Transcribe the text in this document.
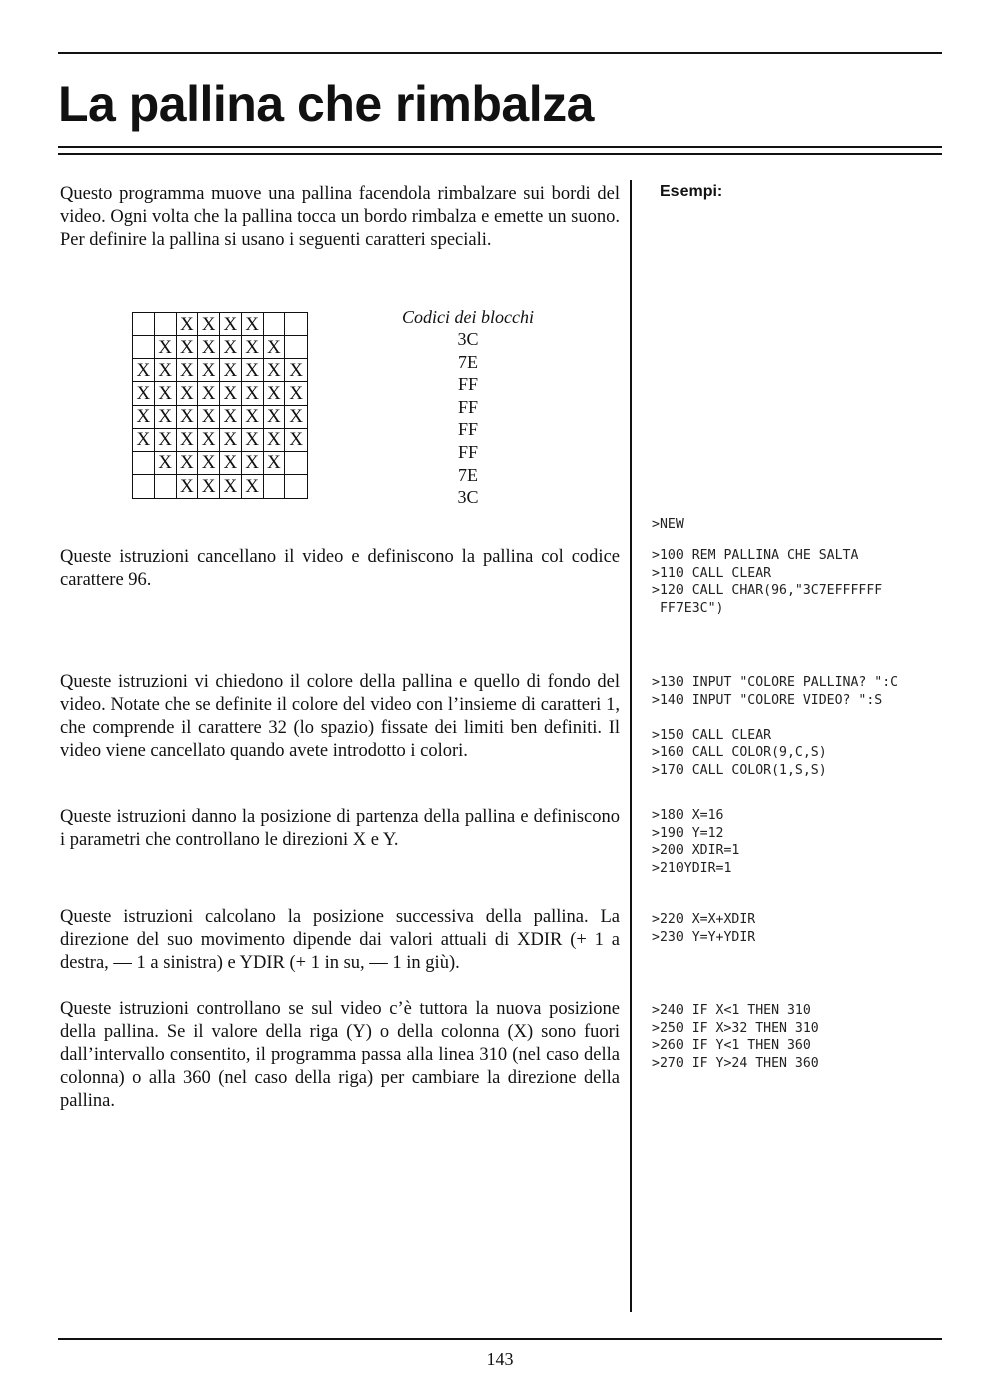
La pallina che rimbalza
Esempi:

Questo programma muove una pallina facendola rimbalzare sui bordi del video. Ogni volta che la pallina tocca un bordo rimbalza e emette un suono. Per definire la pallina si usano i seguenti caratteri speciali.

X X X X
X X X X X X
X X X X X X X X
X X X X X X X X
X X X X X X X X
X X X X X X X X
X X X X X X
X X X X
Codici dei blocchi
3C
7E
FF
FF
FF
FF
7E
3C
>NEW

Queste istruzioni cancellano il video e definiscono la pallina col codice carattere 96.

>100 REM PALLINA CHE SALTA
>110 CALL CLEAR
>120 CALL CHAR(96,"3C7EFFFFFF
FF7E3C")

Queste istruzioni vi chiedono il colore della pallina e quello di fondo del video. Notate che se definite il colore del video con l’insieme di caratteri 1, che comprende il carattere 32 (lo spazio) fissate dei limiti ben definiti. Il video viene cancellato quando avete introdotto i colori.

>130 INPUT "COLORE PALLINA? ":C
>140 INPUT "COLORE VIDEO? ":S

>150 CALL CLEAR
>160 CALL COLOR(9,C,S)
>170 CALL COLOR(1,S,S)

Queste istruzioni danno la posizione di partenza della pallina e definiscono i parametri che controllano le direzioni X e Y.

>180 X=16
>190 Y=12
>200 XDIR=1
>210YDIR=1

Queste istruzioni calcolano la posizione successiva della pallina. La direzione del suo movimento dipende dai valori attuali di XDIR (+ 1 a destra, — 1 a sinistra) e YDIR (+ 1 in su, — 1 in giù).

>220 X=X+XDIR
>230 Y=Y+YDIR

Queste istruzioni controllano se sul video c’è tuttora la nuova posizione della pallina. Se il valore della riga (Y) o della colonna (X) sono fuori dall’intervallo consentito, il programma passa alla linea 310 (nel caso della colonna) o alla 360 (nel caso della riga) per cambiare la direzione della pallina.

>240 IF X<1 THEN 310
>250 IF X>32 THEN 310
>260 IF Y<1 THEN 360
>270 IF Y>24 THEN 360
143
